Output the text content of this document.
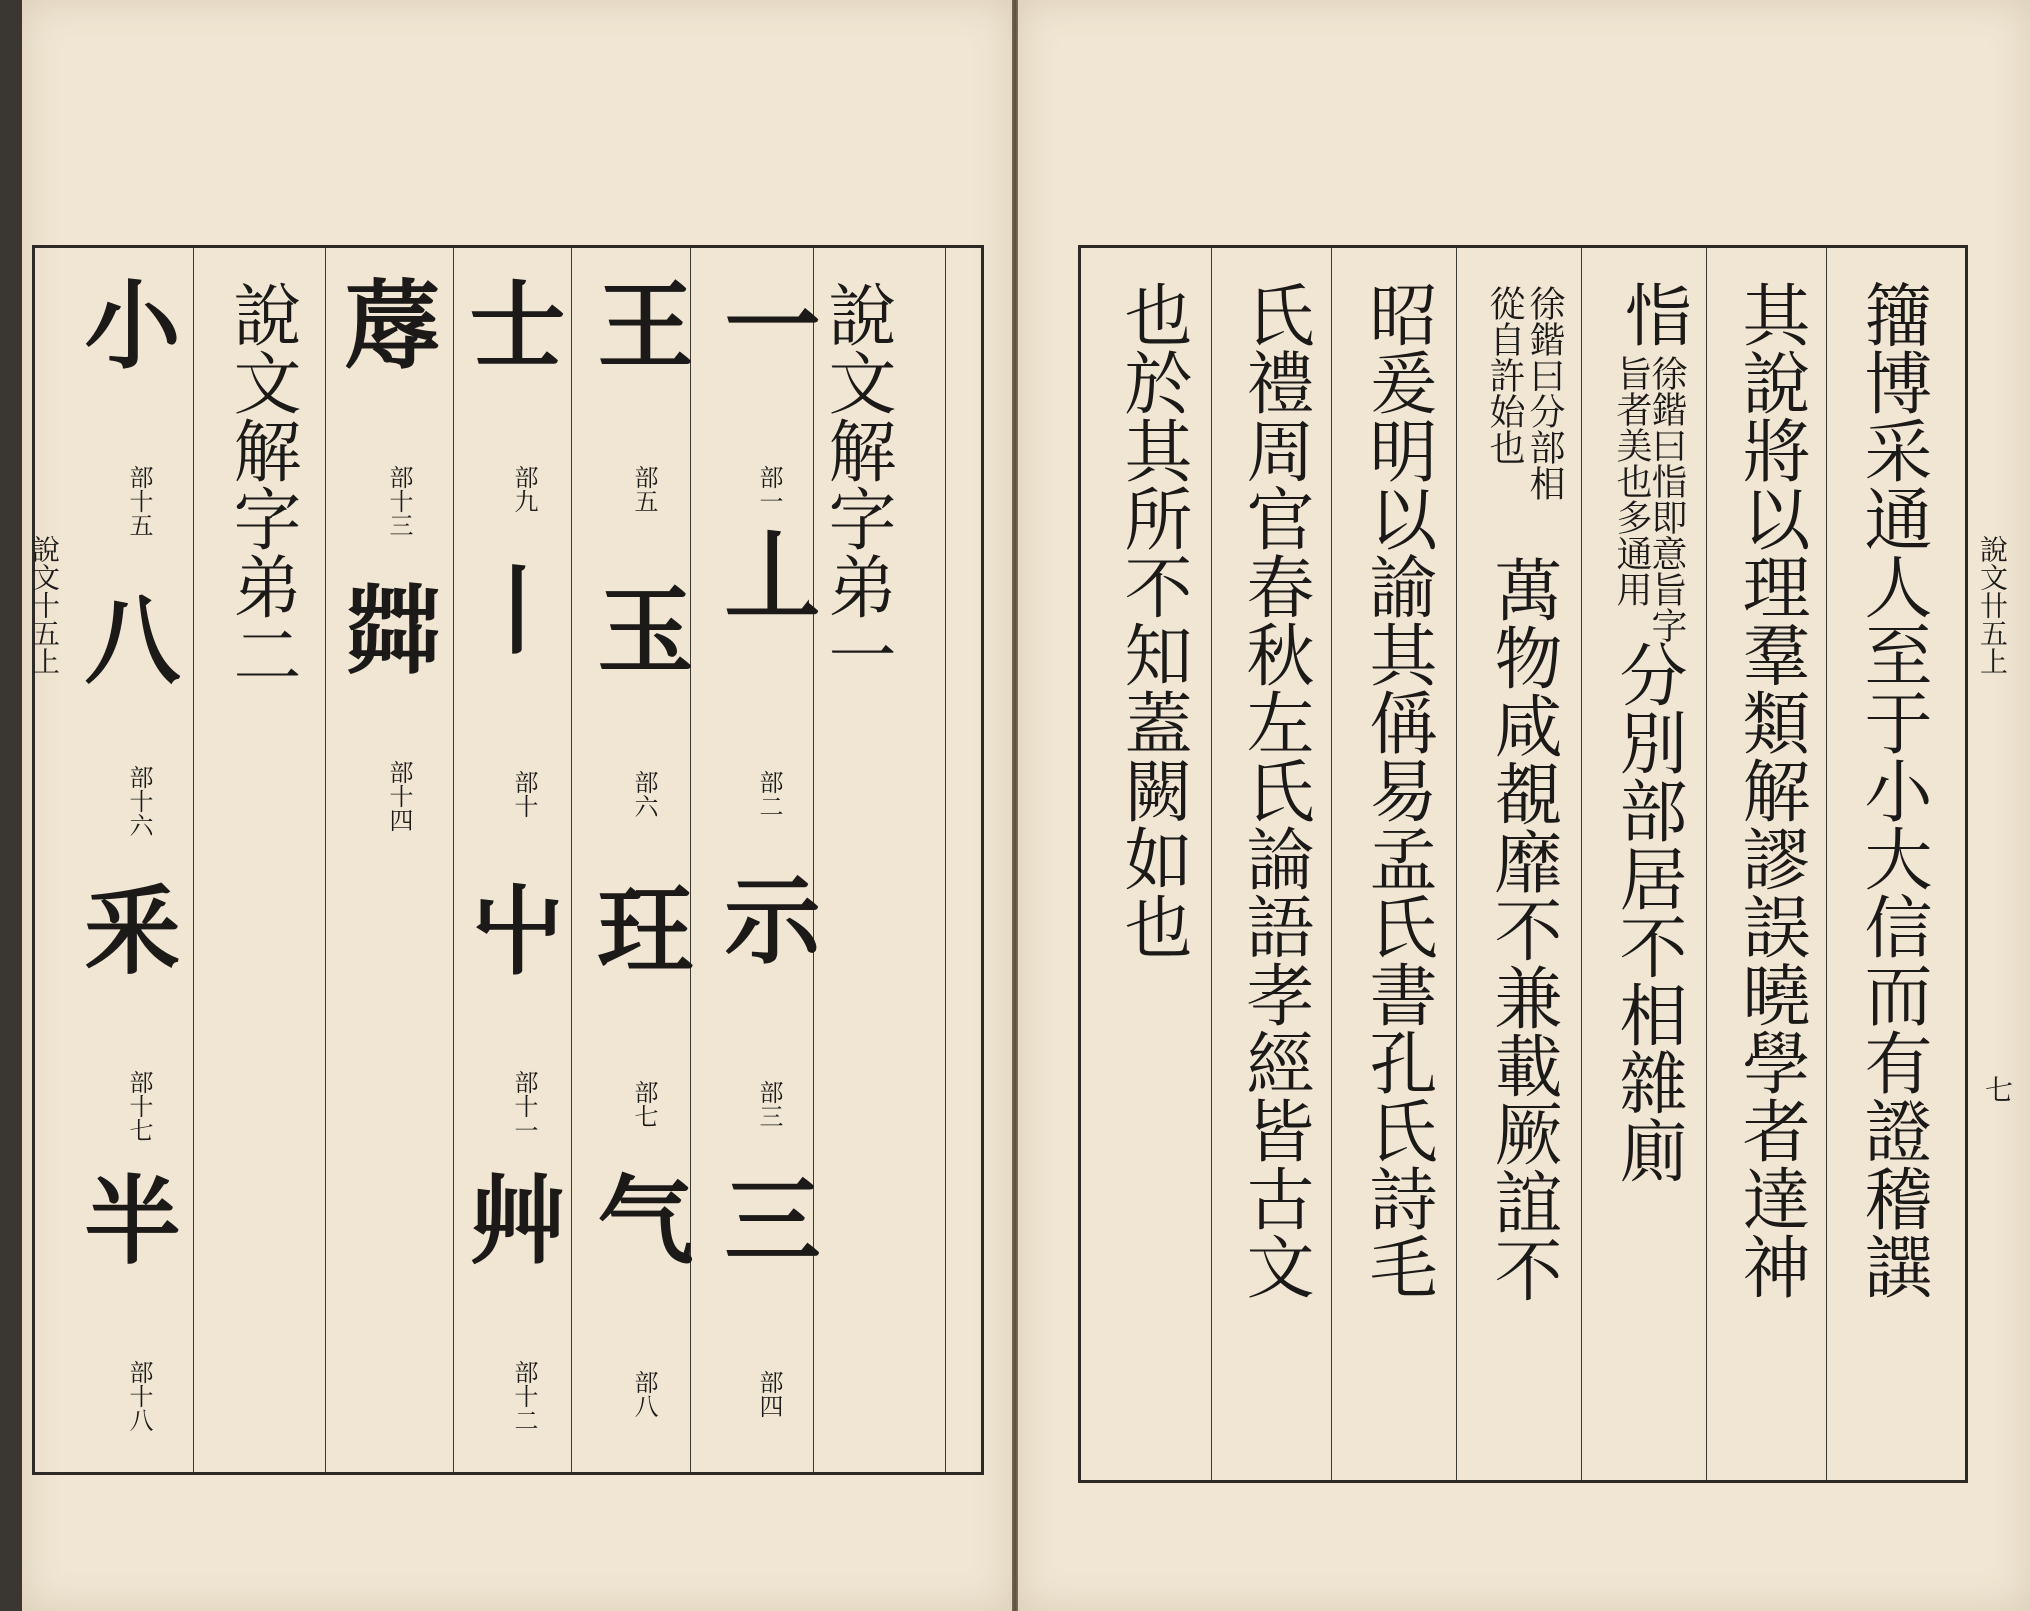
說文解字弟一
一
部一
丄
部二
示
部三
三
部四
王
部五
玉
部六
玨
部七
气
部八
士
部九
丨
部十
屮
部十一
艸
部十二
蓐
部十三
茻
部十四
說文解字弟二
小
部十五
八
部十六
釆
部十七
半
部十八
說文十五上	籒博采通人至于小大信而有證稽譔
其說將以理羣類解謬誤曉學者達神
恉
徐鍇曰恉即意旨字
旨者美也多通用
分別部居不相雜廁
徐鍇曰分部相
從自許始也
萬物咸覩靡不兼載厥誼不
昭爰明以諭其偁易孟氏書孔氏詩毛
氏禮周官春秋左氏論語孝經皆古文
也於其所不知蓋闕如也	說文卄五上
七
